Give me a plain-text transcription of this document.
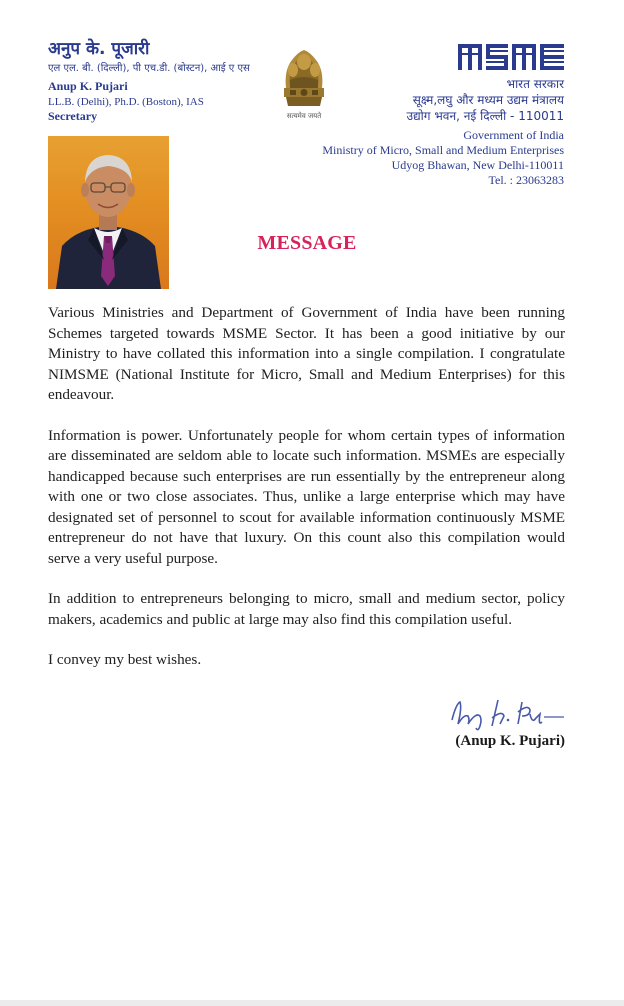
अनुप के. पूजारी
एल एल. बी. (दिल्ली), पी एच.डी. (बोस्टन), आई ए एस
Anup K. Pujari
LL.B. (Delhi), Ph.D. (Boston), IAS
Secretary	सत्यमेव जयते
भारत सरकार
सूक्ष्म,लघु और मध्यम उद्यम मंत्रालय
उद्योग भवन, नई दिल्ली - 110011
Government of India
Ministry of Micro, Small and Medium Enterprises
Udyog Bhawan, New Delhi-110011
Tel. : 23063283
MESSAGE

Various Ministries and Department of Government of India have been running Schemes targeted towards MSME Sector. It has been a good initiative by our Ministry to have collated this information into a single compilation. I congratulate NIMSME (National Institute for Micro, Small and Medium Enterprises) for this endeavour.

Information is power. Unfortunately people for whom certain types of information are disseminated are seldom able to locate such information. MSMEs are especially handicapped because such enterprises are run essentially by the entrepreneur along with one or two close associates. Thus, unlike a large enterprise which may have designated set of personnel to scout for available information continuously MSME entrepreneur do not have that luxury. On this count also this compilation would serve a very useful purpose.

In addition to entrepreneurs belonging to micro, small and medium sector, policy makers, academics and public at large may also find this compilation useful.

I convey my best wishes.

(Anup K. Pujari)
